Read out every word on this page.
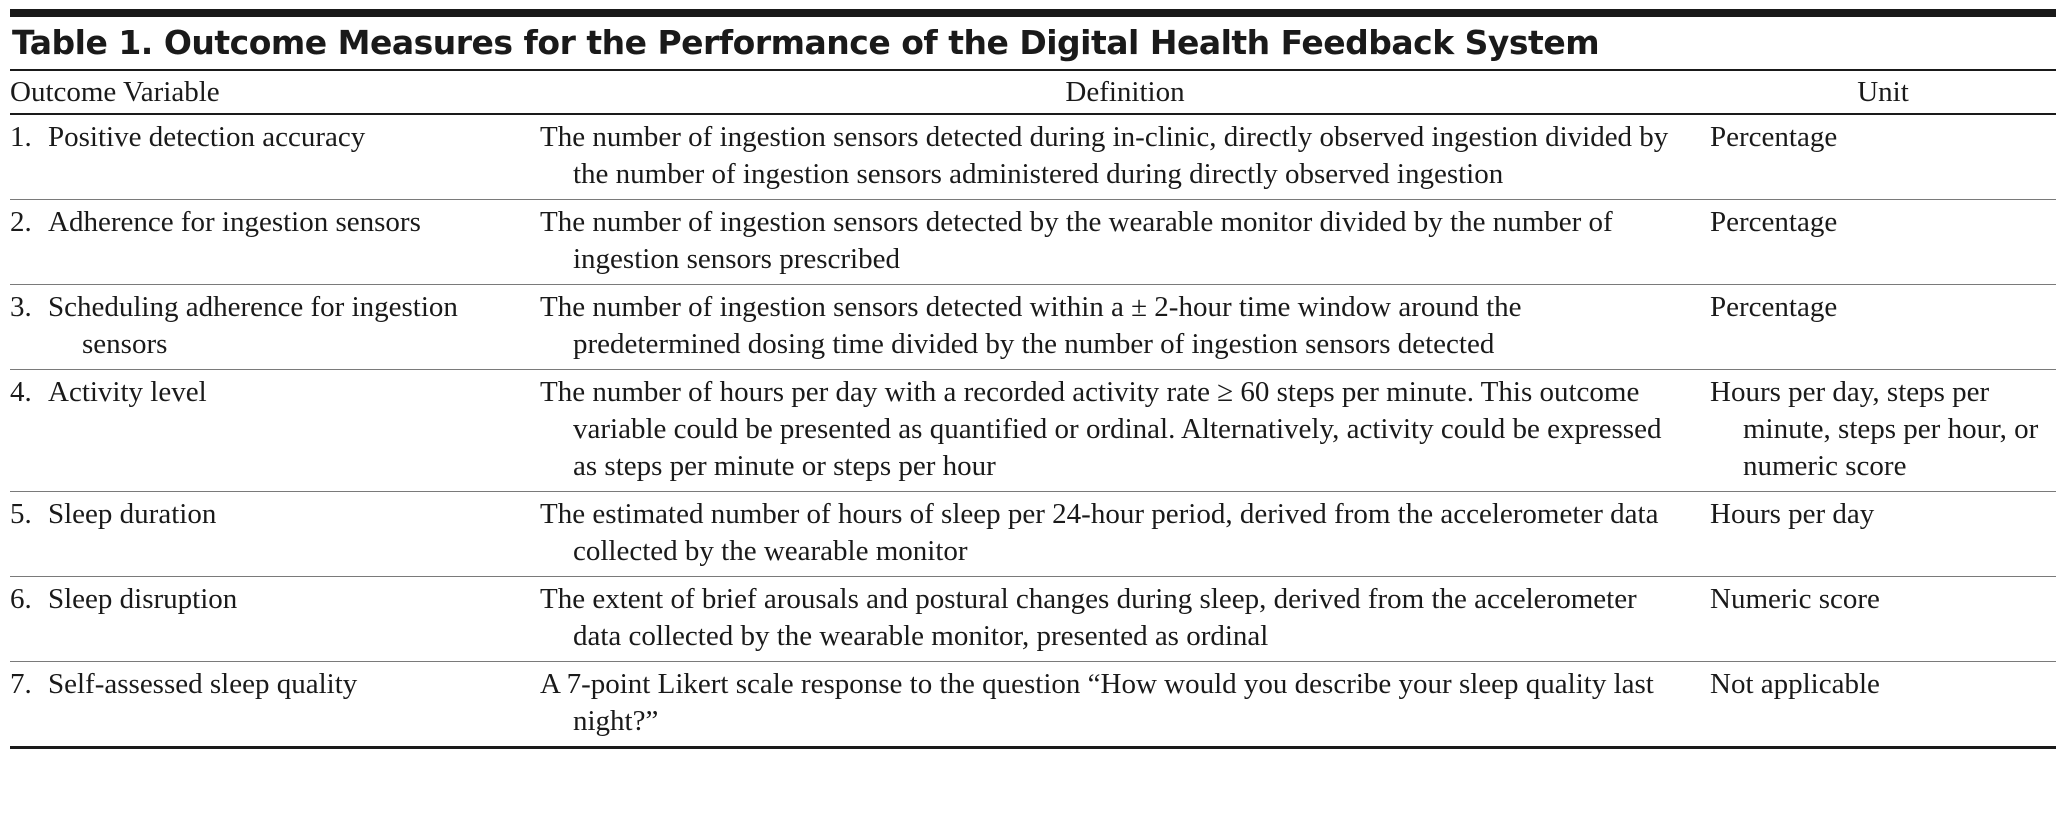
Table 1. Outcome Measures for the Performance of the Digital Health Feedback System
Outcome Variable	Definition	Unit

1. Positive detection accuracy	The number of ingestion sensors detected during in-clinic, directly observed ingestion divided by the number of ingestion sensors administered during directly observed ingestion	Percentage

2. Adherence for ingestion sensors	The number of ingestion sensors detected by the wearable monitor divided by the number of ingestion sensors prescribed	Percentage

3. Scheduling adherence for ingestion sensors	The number of ingestion sensors detected within a ± 2-hour time window around the predetermined dosing time divided by the number of ingestion sensors detected	Percentage

4. Activity level	The number of hours per day with a recorded activity rate ≥ 60 steps per minute. This outcome variable could be presented as quantified or ordinal. Alternatively, activity could be expressed as steps per minute or steps per hour	Hours per day, steps per minute, steps per hour, or numeric score

5. Sleep duration	The estimated number of hours of sleep per 24-hour period, derived from the accelerometer data collected by the wearable monitor	Hours per day

6. Sleep disruption	The extent of brief arousals and postural changes during sleep, derived from the accelerometer data collected by the wearable monitor, presented as ordinal	Numeric score

7. Self-assessed sleep quality	A 7-point Likert scale response to the question “How would you describe your sleep quality last night?”	Not applicable
